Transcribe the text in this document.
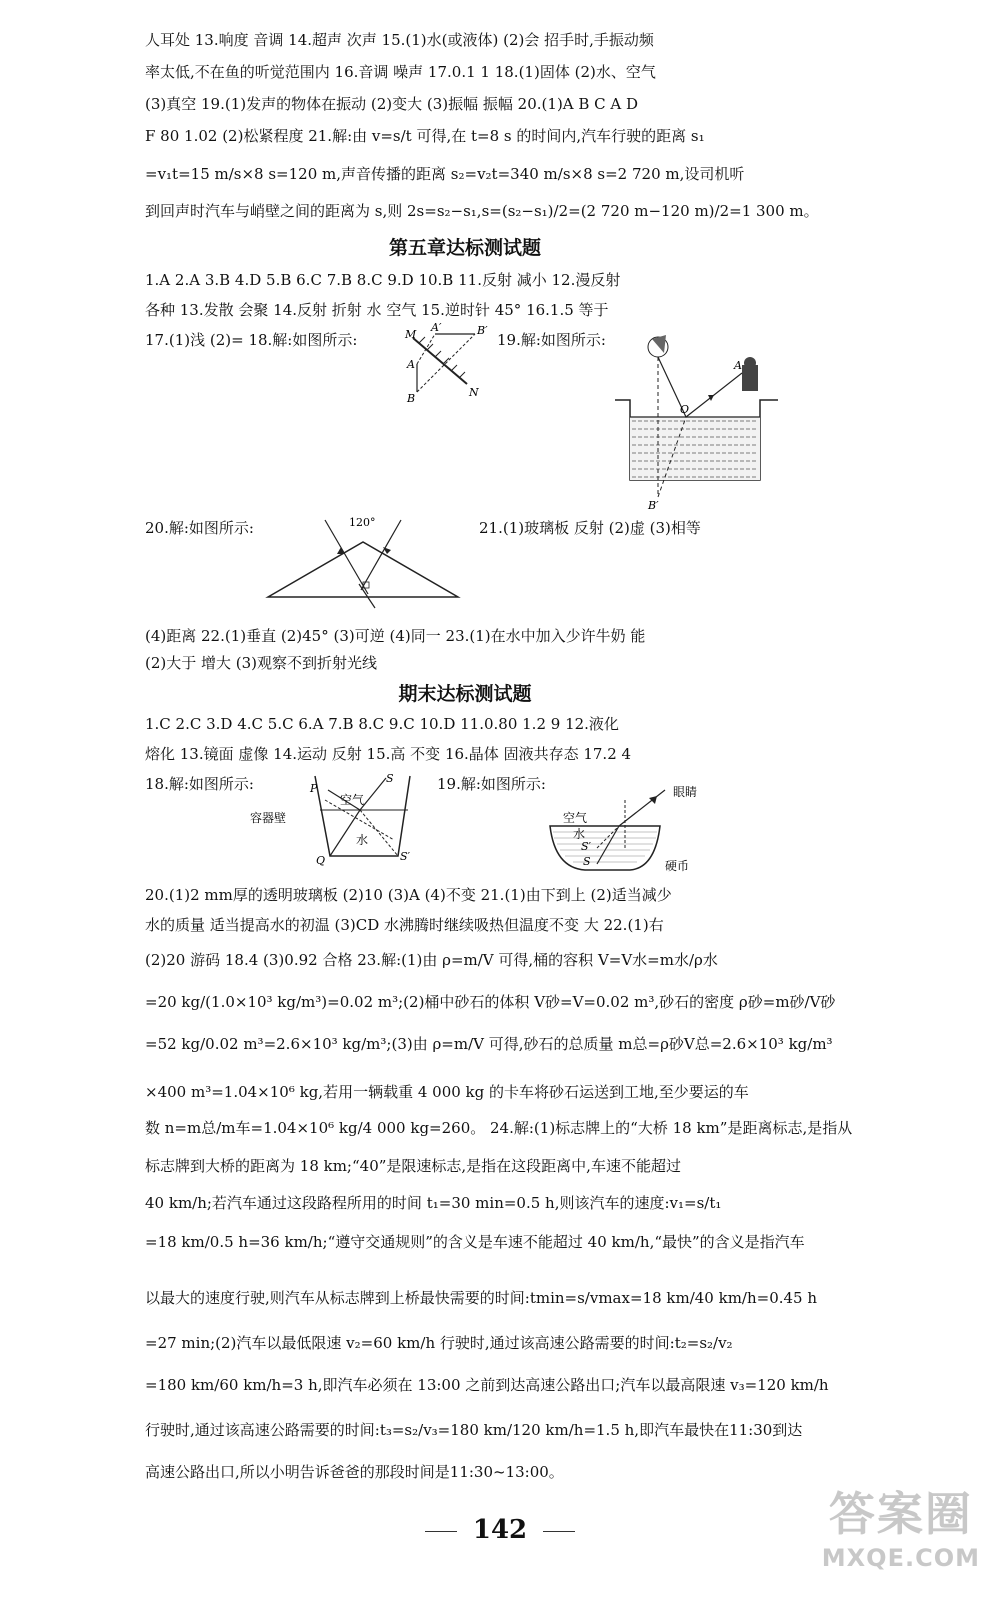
人耳处 13.响度 音调 14.超声 次声 15.(1)水(或液体) (2)会 招手时,手振动频
率太低,不在鱼的听觉范围内 16.音调 噪声 17.0.1 1 18.(1)固体 (2)水、空气
(3)真空 19.(1)发声的物体在振动 (2)变大 (3)振幅 振幅 20.(1)A B C A D
F 80 1.02 (2)松紧程度 21.解:由 v=s/t 可得,在 t=8 s 的时间内,汽车行驶的距离 s₁
=v₁t=15 m/s×8 s=120 m,声音传播的距离 s₂=v₂t=340 m/s×8 s=2 720 m,设司机听
到回声时汽车与峭壁之间的距离为 s,则 2s=s₂−s₁,s=(s₂−s₁)/2=(2 720 m−120 m)/2=1 300 m。
第五章达标测试题
1.A 2.A 3.B 4.D 5.B 6.C 7.B 8.C 9.D 10.B 11.反射 减小 12.漫反射
各种 13.发散 会聚 14.反射 折射 水 空气 15.逆时针 45° 16.1.5 等于
17.(1)浅 (2)= 18.解:如图所示:	19.解:如图所示:
M
A′	B′
A
B	N
A
O
B′
20.解:如图所示:	21.(1)玻璃板 反射 (2)虚 (3)相等
120°
(4)距离 22.(1)垂直 (2)45° (3)可逆 (4)同一 23.(1)在水中加入少许牛奶 能
(2)大于 增大 (3)观察不到折射光线
期末达标测试题
1.C 2.C 3.D 4.C 5.C 6.A 7.B 8.C 9.C 10.D 11.0.80 1.2 9 12.液化
熔化 13.镜面 虚像 14.运动 反射 15.高 不变 16.晶体 固液共存态 17.2 4
18.解:如图所示:	19.解:如图所示:
S
P
空气
容器壁
水
Q	S′
眼睛
空气
水
S′
S	硬币
20.(1)2 mm厚的透明玻璃板 (2)10 (3)A (4)不变 21.(1)由下到上 (2)适当减少
水的质量 适当提高水的初温 (3)CD 水沸腾时继续吸热但温度不变 大 22.(1)右
(2)20 游码 18.4 (3)0.92 合格 23.解:(1)由 ρ=m/V 可得,桶的容积 V=V水=m水/ρ水
=20 kg/(1.0×10³ kg/m³)=0.02 m³;(2)桶中砂石的体积 V砂=V=0.02 m³,砂石的密度 ρ砂=m砂/V砂
=52 kg/0.02 m³=2.6×10³ kg/m³;(3)由 ρ=m/V 可得,砂石的总质量 m总=ρ砂V总=2.6×10³ kg/m³
×400 m³=1.04×10⁶ kg,若用一辆载重 4 000 kg 的卡车将砂石运送到工地,至少要运的车
数 n=m总/m车=1.04×10⁶ kg/4 000 kg=260。 24.解:(1)标志牌上的“大桥 18 km”是距离标志,是指从
标志牌到大桥的距离为 18 km;“40”是限速标志,是指在这段距离中,车速不能超过
40 km/h;若汽车通过这段路程所用的时间 t₁=30 min=0.5 h,则该汽车的速度:v₁=s/t₁
=18 km/0.5 h=36 km/h;“遵守交通规则”的含义是车速不能超过 40 km/h,“最快”的含义是指汽车
以最大的速度行驶,则汽车从标志牌到上桥最快需要的时间:tmin=s/vmax=18 km/40 km/h=0.45 h
=27 min;(2)汽车以最低限速 v₂=60 km/h 行驶时,通过该高速公路需要的时间:t₂=s₂/v₂
=180 km/60 km/h=3 h,即汽车必须在 13:00 之前到达高速公路出口;汽车以最高限速 v₃=120 km/h
行驶时,通过该高速公路需要的时间:t₃=s₂/v₃=180 km/120 km/h=1.5 h,即汽车最快在11:30到达
高速公路出口,所以小明告诉爸爸的那段时间是11:30~13:00。
142	答案圈
MXQE.COM
